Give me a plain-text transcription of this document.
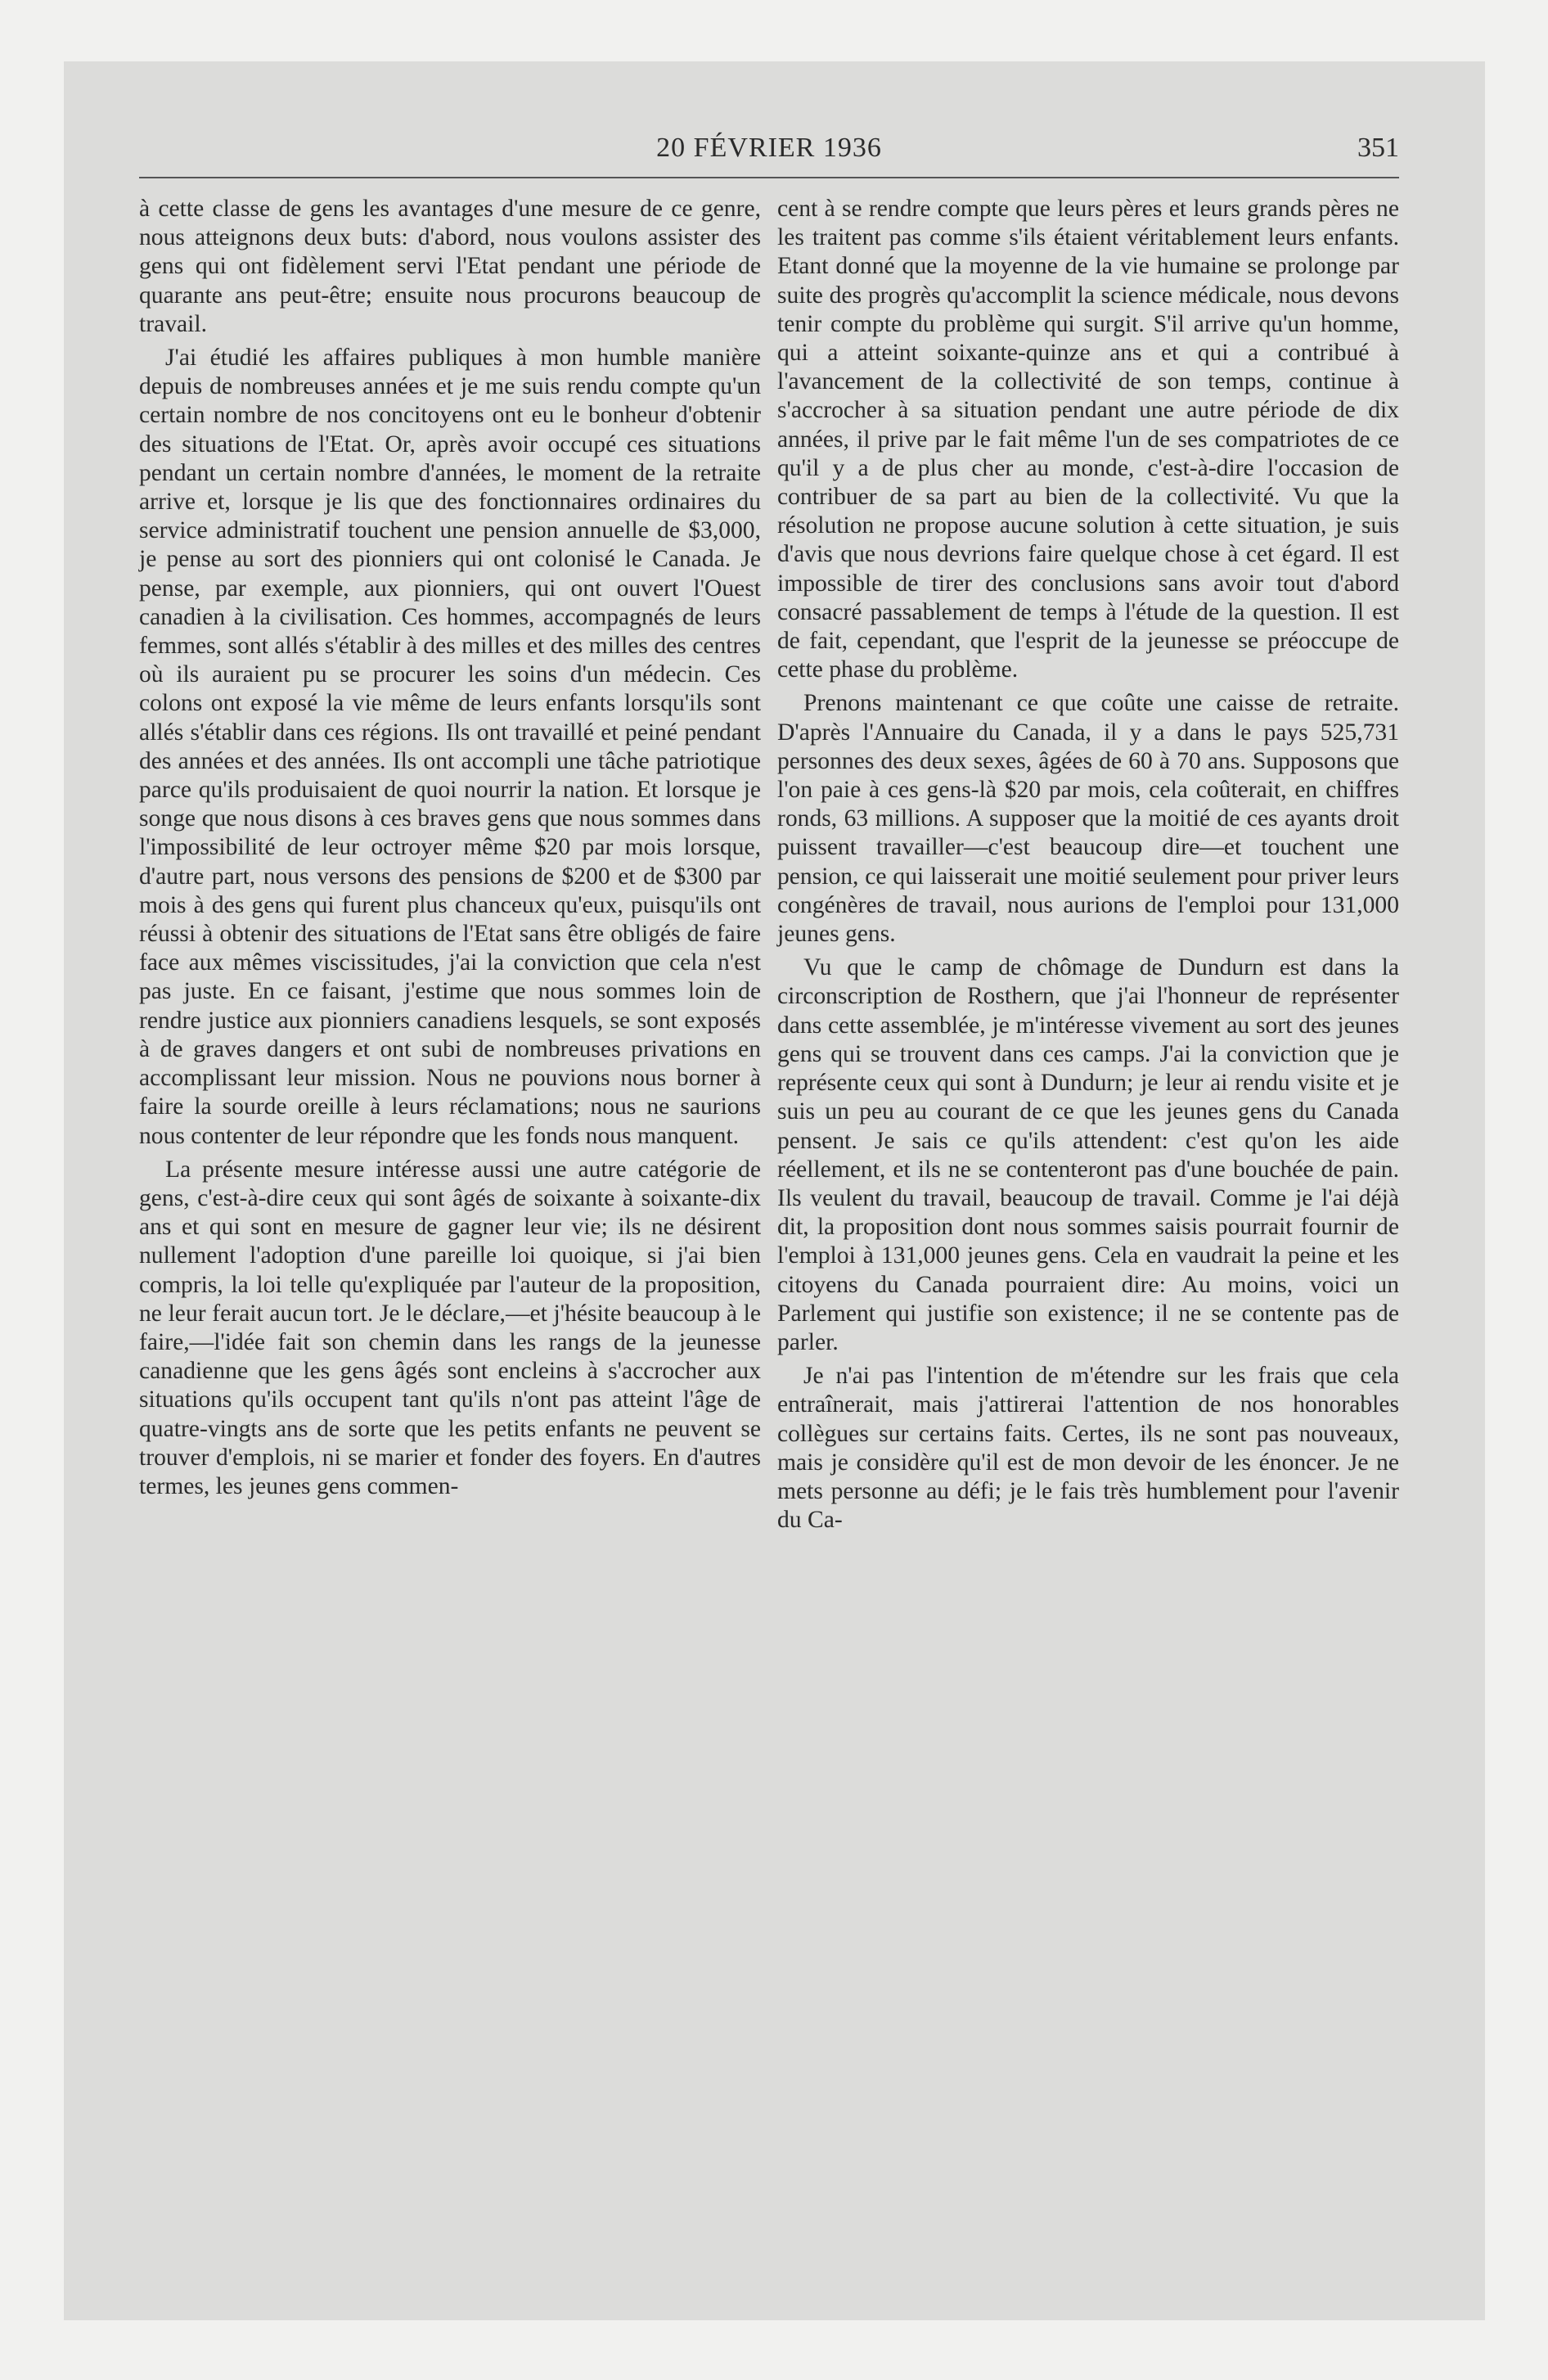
20 FÉVRIER 1936	351

à cette classe de gens les avantages d'une mesure de ce genre, nous atteignons deux buts: d'abord, nous voulons assister des gens qui ont fidèlement servi l'Etat pendant une période de quarante ans peut-être; ensuite nous procurons beaucoup de travail.

J'ai étudié les affaires publiques à mon humble manière depuis de nombreuses années et je me suis rendu compte qu'un certain nombre de nos concitoyens ont eu le bonheur d'obtenir des situations de l'Etat. Or, après avoir occupé ces situations pendant un certain nombre d'années, le moment de la retraite arrive et, lorsque je lis que des fonctionnaires ordinaires du service administratif touchent une pension annuelle de $3,000, je pense au sort des pionniers qui ont colonisé le Canada. Je pense, par exemple, aux pionniers, qui ont ouvert l'Ouest canadien à la civilisation. Ces hommes, accompagnés de leurs femmes, sont allés s'établir à des milles et des milles des centres où ils auraient pu se procurer les soins d'un médecin. Ces colons ont exposé la vie même de leurs enfants lorsqu'ils sont allés s'établir dans ces régions. Ils ont travaillé et peiné pendant des années et des années. Ils ont accompli une tâche patriotique parce qu'ils produisaient de quoi nourrir la nation. Et lorsque je songe que nous disons à ces braves gens que nous sommes dans l'impossibilité de leur octroyer même $20 par mois lorsque, d'autre part, nous versons des pensions de $200 et de $300 par mois à des gens qui furent plus chanceux qu'eux, puisqu'ils ont réussi à obtenir des situations de l'Etat sans être obligés de faire face aux mêmes viscissitudes, j'ai la conviction que cela n'est pas juste. En ce faisant, j'estime que nous sommes loin de rendre justice aux pionniers canadiens lesquels, se sont exposés à de graves dangers et ont subi de nombreuses privations en accomplissant leur mission. Nous ne pouvions nous borner à faire la sourde oreille à leurs réclamations; nous ne saurions nous contenter de leur répondre que les fonds nous manquent.

La présente mesure intéresse aussi une autre catégorie de gens, c'est-à-dire ceux qui sont âgés de soixante à soixante-dix ans et qui sont en mesure de gagner leur vie; ils ne désirent nullement l'adoption d'une pareille loi quoique, si j'ai bien compris, la loi telle qu'expliquée par l'auteur de la proposition, ne leur ferait aucun tort. Je le déclare,—et j'hésite beaucoup à le faire,—l'idée fait son chemin dans les rangs de la jeunesse canadienne que les gens âgés sont encleins à s'accrocher aux situations qu'ils occupent tant qu'ils n'ont pas atteint l'âge de quatre-vingts ans de sorte que les petits enfants ne peuvent se trouver d'emplois, ni se marier et fonder des foyers. En d'autres termes, les jeunes gens commen-

cent à se rendre compte que leurs pères et leurs grands pères ne les traitent pas comme s'ils étaient véritablement leurs enfants. Etant donné que la moyenne de la vie humaine se prolonge par suite des progrès qu'accomplit la science médicale, nous devons tenir compte du problème qui surgit. S'il arrive qu'un homme, qui a atteint soixante-quinze ans et qui a contribué à l'avancement de la collectivité de son temps, continue à s'accrocher à sa situation pendant une autre période de dix années, il prive par le fait même l'un de ses compatriotes de ce qu'il y a de plus cher au monde, c'est-à-dire l'occasion de contribuer de sa part au bien de la collectivité. Vu que la résolution ne propose aucune solution à cette situation, je suis d'avis que nous devrions faire quelque chose à cet égard. Il est impossible de tirer des conclusions sans avoir tout d'abord consacré passablement de temps à l'étude de la question. Il est de fait, cependant, que l'esprit de la jeunesse se préoccupe de cette phase du problème.

Prenons maintenant ce que coûte une caisse de retraite. D'après l'Annuaire du Canada, il y a dans le pays 525,731 personnes des deux sexes, âgées de 60 à 70 ans. Supposons que l'on paie à ces gens-là $20 par mois, cela coûterait, en chiffres ronds, 63 millions. A supposer que la moitié de ces ayants droit puissent travailler—c'est beaucoup dire—et touchent une pension, ce qui laisserait une moitié seulement pour priver leurs congénères de travail, nous aurions de l'emploi pour 131,000 jeunes gens.

Vu que le camp de chômage de Dundurn est dans la circonscription de Rosthern, que j'ai l'honneur de représenter dans cette assemblée, je m'intéresse vivement au sort des jeunes gens qui se trouvent dans ces camps. J'ai la conviction que je représente ceux qui sont à Dundurn; je leur ai rendu visite et je suis un peu au courant de ce que les jeunes gens du Canada pensent. Je sais ce qu'ils attendent: c'est qu'on les aide réellement, et ils ne se contenteront pas d'une bouchée de pain. Ils veulent du travail, beaucoup de travail. Comme je l'ai déjà dit, la proposition dont nous sommes saisis pourrait fournir de l'emploi à 131,000 jeunes gens. Cela en vaudrait la peine et les citoyens du Canada pourraient dire: Au moins, voici un Parlement qui justifie son existence; il ne se contente pas de parler.

Je n'ai pas l'intention de m'étendre sur les frais que cela entraînerait, mais j'attirerai l'attention de nos honorables collègues sur certains faits. Certes, ils ne sont pas nouveaux, mais je considère qu'il est de mon devoir de les énoncer. Je ne mets personne au défi; je le fais très humblement pour l'avenir du Ca-
